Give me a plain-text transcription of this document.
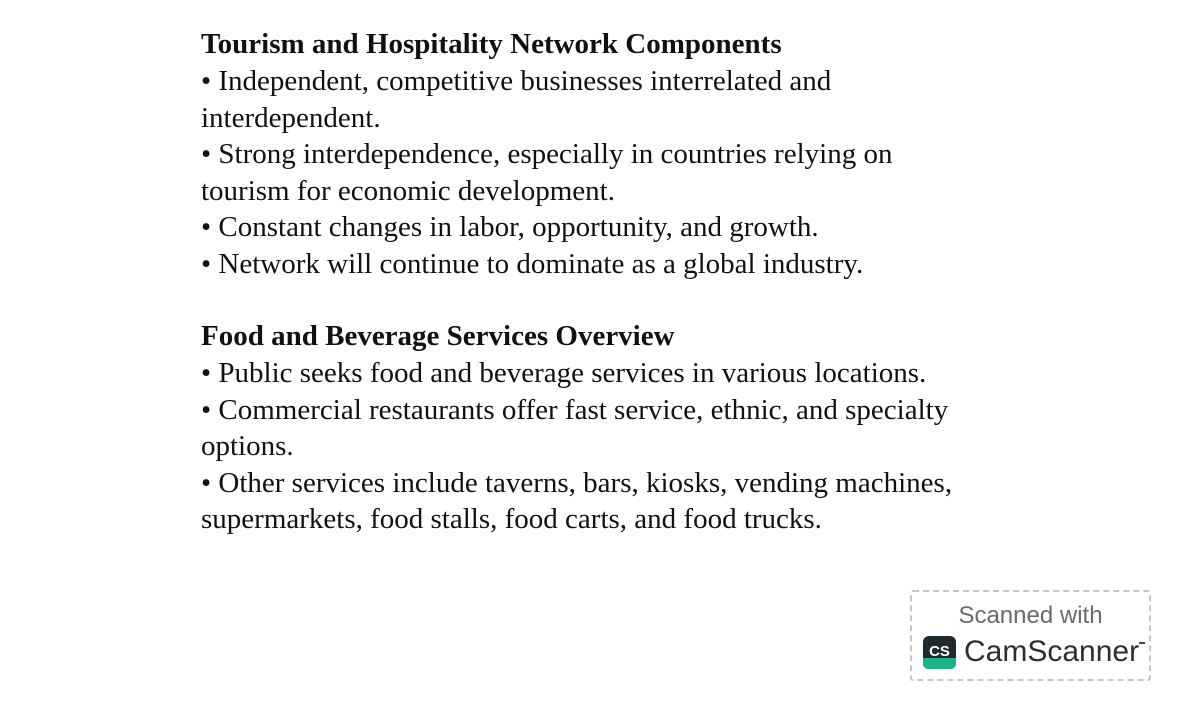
Tourism and Hospitality Network Components
• Independent, competitive businesses interrelated and
interdependent.
• Strong interdependence, especially in countries relying on
tourism for economic development.
• Constant changes in labor, opportunity, and growth.
• Network will continue to dominate as a global industry.
Food and Beverage Services Overview
• Public seeks food and beverage services in various locations.
• Commercial restaurants offer fast service, ethnic, and specialty
options.
• Other services include taverns, bars, kiosks, vending machines,
supermarkets, food stalls, food carts, and food trucks.
Scanned with
CS CamScanner
